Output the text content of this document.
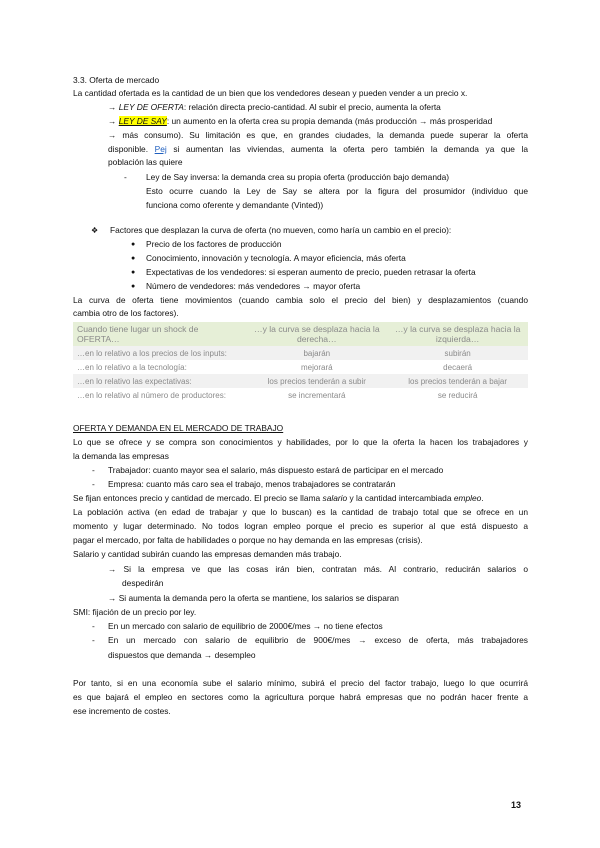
3.3. Oferta de mercado
La cantidad ofertada es la cantidad de un bien que los vendedores desean y pueden vender a un precio x.
→ LEY DE OFERTA: relación directa precio-cantidad. Al subir el precio, aumenta la oferta
→ LEY DE SAY: un aumento en la oferta crea su propia demanda (más producción → más prosperidad
→ más consumo). Su limitación es que, en grandes ciudades, la demanda puede superar la oferta
disponible. Pej si aumentan las viviendas, aumenta la oferta pero también la demanda ya que la
población las quiere
- Ley de Say inversa: la demanda crea su propia oferta (producción bajo demanda)
Esto ocurre cuando la Ley de Say se altera por la figura del prosumidor (individuo que
funciona como oferente y demandante (Vinted))
❖ Factores que desplazan la curva de oferta (no mueven, como haría un cambio en el precio):
● Precio de los factores de producción
● Conocimiento, innovación y tecnología. A mayor eficiencia, más oferta
● Expectativas de los vendedores: si esperan aumento de precio, pueden retrasar la oferta
● Número de vendedores: más vendedores → mayor oferta
La curva de oferta tiene movimientos (cuando cambia solo el precio del bien) y desplazamientos (cuando
cambia otro de los factores).
Cuando tiene lugar un shock de OFERTA…	…y la curva se desplaza hacia la derecha…	…y la curva se desplaza hacia la izquierda…
…en lo relativo a los precios de los inputs:	bajarán	subirán
…en lo relativo a la tecnología:	mejorará	decaerá
…en lo relativo las expectativas:	los precios tenderán a subir	los precios tenderán a bajar
…en lo relativo al número de productores:	se incrementará	se reducirá
OFERTA Y DEMANDA EN EL MERCADO DE TRABAJO
Lo que se ofrece y se compra son conocimientos y habilidades, por lo que la oferta la hacen los trabajadores y
la demanda las empresas
- Trabajador: cuanto mayor sea el salario, más dispuesto estará de participar en el mercado
- Empresa: cuanto más caro sea el trabajo, menos trabajadores se contratarán
Se fijan entonces precio y cantidad de mercado. El precio se llama salario y la cantidad intercambiada empleo.
La población activa (en edad de trabajar y que lo buscan) es la cantidad de trabajo total que se ofrece en un
momento y lugar determinado. No todos logran empleo porque el precio es superior al que está dispuesto a
pagar el mercado, por falta de habilidades o porque no hay demanda en las empresas (crisis).
Salario y cantidad subirán cuando las empresas demanden más trabajo.
→ Si la empresa ve que las cosas irán bien, contratan más. Al contrario, reducirán salarios o
despedirán
→ Si aumenta la demanda pero la oferta se mantiene, los salarios se disparan
SMI: fijación de un precio por ley.
- En un mercado con salario de equilibrio de 2000€/mes → no tiene efectos
- En un mercado con salario de equilibrio de 900€/mes → exceso de oferta, más trabajadores
dispuestos que demanda → desempleo
Por tanto, si en una economía sube el salario mínimo, subirá el precio del factor trabajo, luego lo que ocurrirá
es que bajará el empleo en sectores como la agricultura porque habrá empresas que no podrán hacer frente a
ese incremento de costes.
13
